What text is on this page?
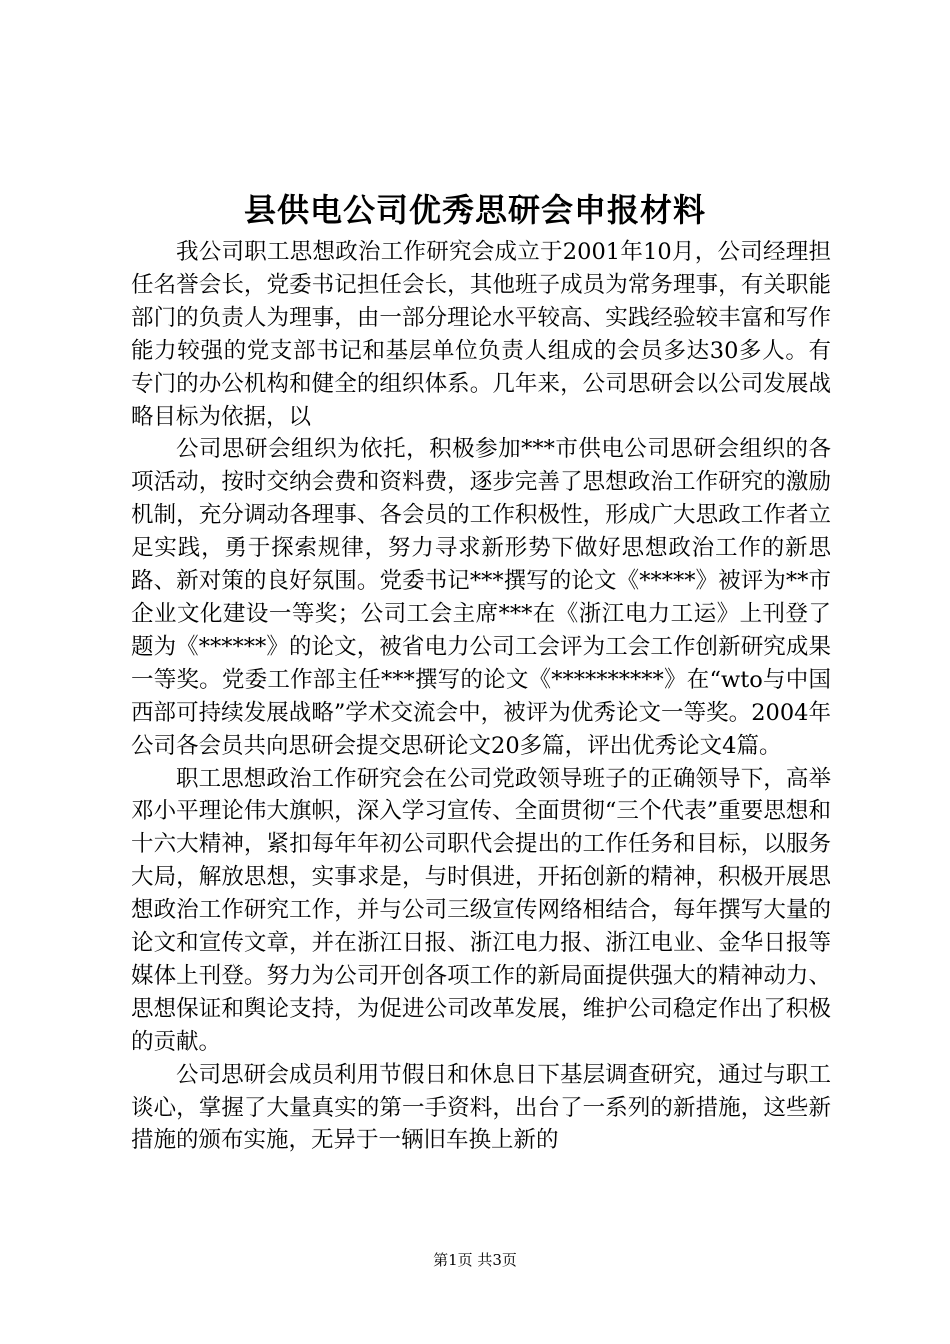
县供电公司优秀思研会申报材料

我公司职工思想政治工作研究会成立于2001年10月，公司经理担任名誉会长，党委书记担任会长，其他班子成员为常务理事，有关职能部门的负责人为理事，由一部分理论水平较高、实践经验较丰富和写作能力较强的党支部书记和基层单位负责人组成的会员多达30多人。有专门的办公机构和健全的组织体系。几年来，公司思研会以公司发展战略目标为依据，以

公司思研会组织为依托，积极参加***市供电公司思研会组织的各项活动，按时交纳会费和资料费，逐步完善了思想政治工作研究的激励机制，充分调动各理事、各会员的工作积极性，形成广大思政工作者立足实践，勇于探索规律，努力寻求新形势下做好思想政治工作的新思路、新对策的良好氛围。党委书记***撰写的论文《*****》被评为**市企业文化建设一等奖；公司工会主席***在《浙江电力工运》上刊登了题为《******》的论文，被省电力公司工会评为工会工作创新研究成果一等奖。党委工作部主任***撰写的论文《**********》在“wto与中国西部可持续发展战略”学术交流会中，被评为优秀论文一等奖。2004年公司各会员共向思研会提交思研论文20多篇，评出优秀论文4篇。

职工思想政治工作研究会在公司党政领导班子的正确领导下，高举邓小平理论伟大旗帜，深入学习宣传、全面贯彻“三个代表”重要思想和十六大精神，紧扣每年年初公司职代会提出的工作任务和目标，以服务大局，解放思想，实事求是，与时俱进，开拓创新的精神，积极开展思想政治工作研究工作，并与公司三级宣传网络相结合，每年撰写大量的论文和宣传文章，并在浙江日报、浙江电力报、浙江电业、金华日报等媒体上刊登。努力为公司开创各项工作的新局面提供强大的精神动力、思想保证和舆论支持，为促进公司改革发展，维护公司稳定作出了积极的贡献。

公司思研会成员利用节假日和休息日下基层调查研究，通过与职工谈心，掌握了大量真实的第一手资料，出台了一系列的新措施，这些新措施的颁布实施，无异于一辆旧车换上新的

第1页 共3页
